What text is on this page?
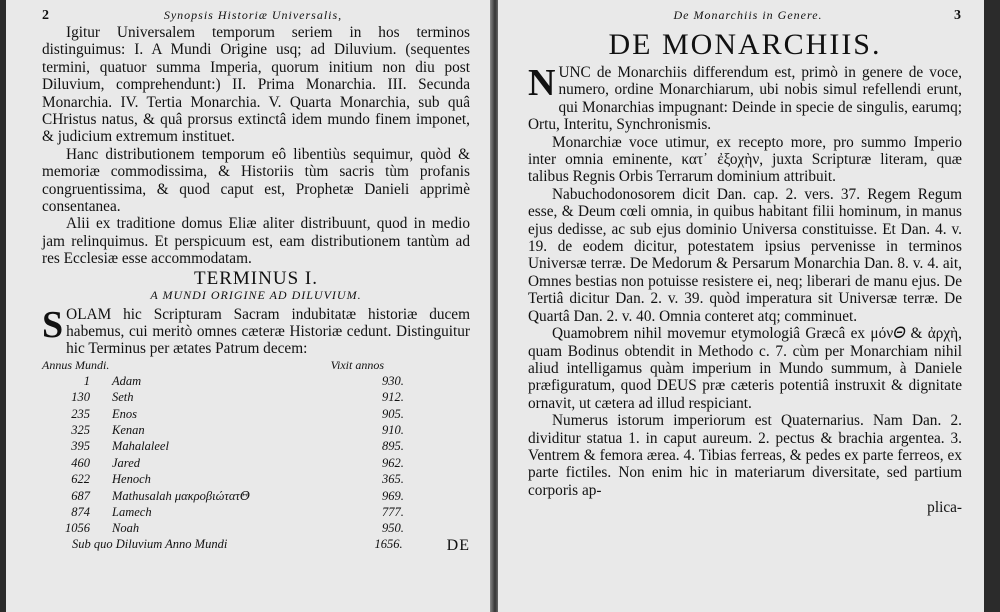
2	Synopsis Historiæ Universalis,

Igitur Universalem temporum seriem in hos terminos distinguimus: I. A Mundi Origine usq; ad Diluvium. (sequentes termini, quatuor summa Imperia, quorum initium non diu post Diluvium, comprehendunt:) II. Prima Monarchia. III. Secunda Monarchia. IV. Tertia Monarchia. V. Quarta Monarchia, sub quâ CHristus natus, & quâ prorsus extinctâ idem mundo finem imponet, & judicium extremum instituet.

Hanc distributionem temporum eô libentiùs sequimur, quòd & memoriæ commodissima, & Historiis tùm sacris tùm profanis congruentissima, & quod caput est, Prophetæ Danieli apprimè consentanea.

Alii ex traditione domus Eliæ aliter distribuunt, quod in medio jam relinquimus. Et perspicuum est, eam distributionem tantùm ad res Ecclesiæ esse accommodatam.

TERMINUS I.
A MUNDI ORIGINE AD DILUVIUM.

SOLAM hic Scripturam Sacram indubitatæ historiæ ducem habemus, cui meritò omnes cæteræ Historiæ cedunt. Distinguitur hic Terminus per ætates Patrum decem:

Annus Mundi.	Vixit annos
1	Adam	930.
130	Seth	912.
235	Enos	905.
325	Kenan	910.
395	Mahalaleel	895.
460	Jared	962.
622	Henoch	365.
687	Mathusalah μακροβιώτατ𝛩	969.
874	Lamech	777.
1056	Noah	950.
Sub quo Diluvium Anno Mundi	1656.	DE
De Monarchiis in Genere.	3
DE MONARCHIIS.

NUNC de Monarchiis differendum est, primò in genere de voce, numero, ordine Monarchiarum, ubi nobis simul refellendi erunt, qui Monarchias impugnant: Deinde in specie de singulis, earumq; Ortu, Interitu, Synchronismis.

Monarchiæ voce utimur, ex recepto more, pro summo Imperio inter omnia eminente, κατ᾽ ἐξοχὴν, juxta Scripturæ literam, quæ talibus Regnis Orbis Terrarum dominium attribuit.

Nabuchodonosorem dicit Dan. cap. 2. vers. 37. Regem Regum esse, & Deum cœli omnia, in quibus habitant filii hominum, in manus ejus dedisse, ac sub ejus dominio Universa constituisse. Et Dan. 4. v. 19. de eodem dicitur, potestatem ipsius pervenisse in terminos Universæ terræ. De Medorum & Persarum Monarchia Dan. 8. v. 4. ait, Omnes bestias non potuisse resistere ei, neq; liberari de manu ejus. De Tertiâ dicitur Dan. 2. v. 39. quòd imperatura sit Universæ terræ. De Quartâ Dan. 2. v. 40. Omnia conteret atq; comminuet.

Quamobrem nihil movemur etymologiâ Græcâ ex μόν𝛩 & ἀρχὴ, quam Bodinus obtendit in Methodo c. 7. cùm per Monarchiam nihil aliud intelligamus quàm imperium in Mundo summum, à Daniele præfiguratum, quod DEUS præ cæteris potentiâ instruxit & dignitate ornavit, ut cætera ad illud respiciant.

Numerus istorum imperiorum est Quaternarius. Nam Dan. 2. dividitur statua 1. in caput aureum. 2. pectus & brachia argentea. 3. Ventrem & femora ærea. 4. Tibias ferreas, & pedes ex parte ferreos, ex parte fictiles. Non enim hic in materiarum diversitate, sed partium corporis ap-

plica-
